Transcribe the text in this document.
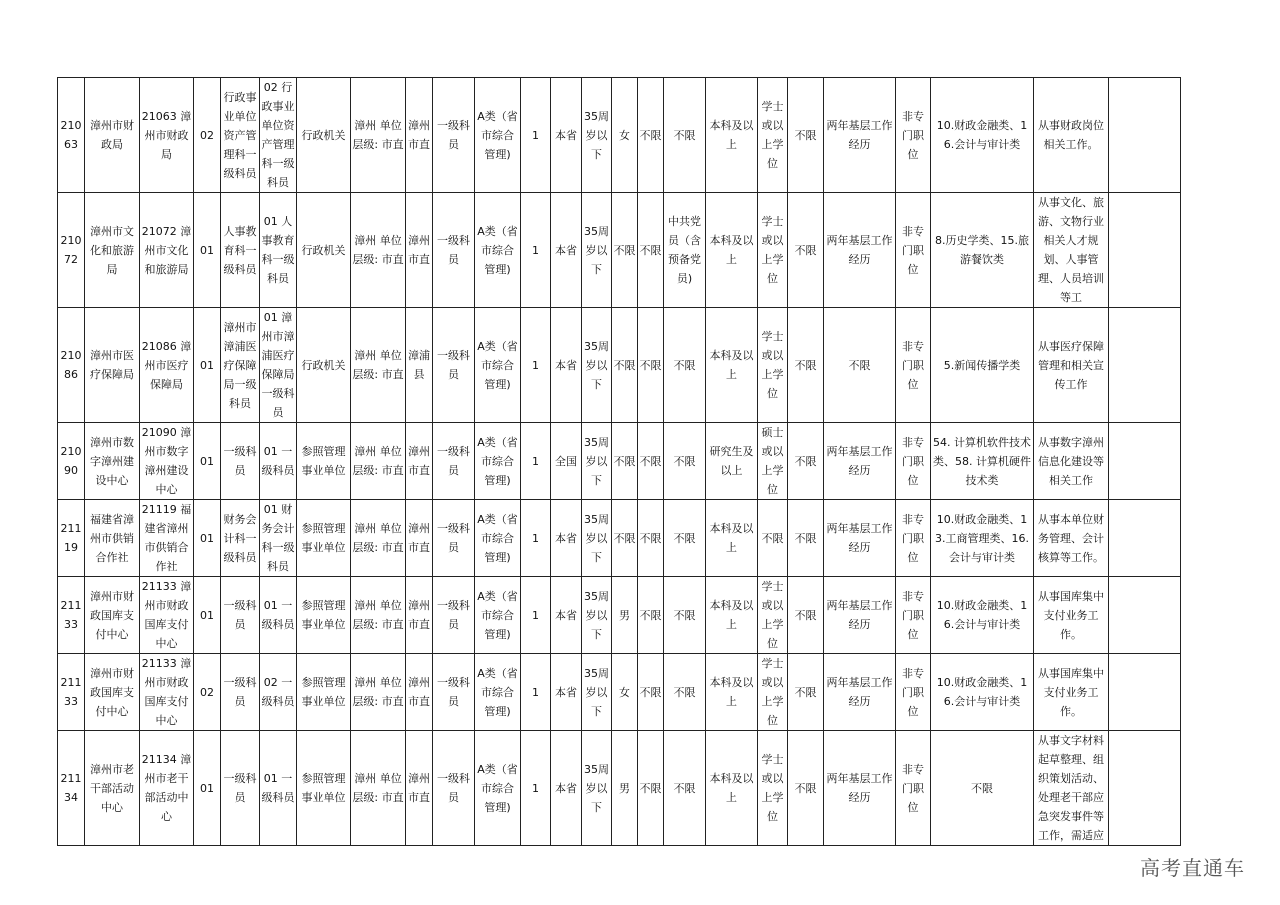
21063	漳州市财政局	21063 漳州市财政局	02	行政事业单位资产管理科一级科员	02 行政事业单位资产管理科一级科员	行政机关	漳州 单位层级: 市直	漳州市直	一级科员	A类（省市综合管理)	1	本省	35周岁以下	女	不限	不限	本科及以上	学士或以上学位	不限	两年基层工作经历	非专门职位	10.财政金融类、16.会计与审计类	从事财政岗位相关工作。	
21072	漳州市文化和旅游局	21072 漳州市文化和旅游局	01	人事教育科一级科员	01 人事教育科一级科员	行政机关	漳州 单位层级: 市直	漳州市直	一级科员	A类（省市综合管理)	1	本省	35周岁以下	不限	不限	中共党员（含预备党员)	本科及以上	学士或以上学位	不限	两年基层工作经历	非专门职位	8.历史学类、15.旅游餐饮类	从事文化、旅游、文物行业相关人才规划、人事管理、人员培训等工	
21086	漳州市医疗保障局	21086 漳州市医疗保障局	01	漳州市漳浦医疗保障局一级科员	01 漳州市漳浦医疗保障局一级科员	行政机关	漳州 单位层级: 市直	漳浦县	一级科员	A类（省市综合管理)	1	本省	35周岁以下	不限	不限	不限	本科及以上	学士或以上学位	不限	不限	非专门职位	5.新闻传播学类	从事医疗保障管理和相关宣传工作	
21090	漳州市数字漳州建设中心	21090 漳州市数字漳州建设中心	01	一级科员	01 一级科员	参照管理事业单位	漳州 单位层级: 市直	漳州市直	一级科员	A类（省市综合管理)	1	全国	35周岁以下	不限	不限	不限	研究生及以上	硕士或以上学位	不限	两年基层工作经历	非专门职位	54. 计算机软件技术类、58. 计算机硬件技术类	从事数字漳州信息化建设等相关工作	
21119	福建省漳州市供销合作社	21119 福建省漳州市供销合作社	01	财务会计科一级科员	01 财务会计科一级科员	参照管理事业单位	漳州 单位层级: 市直	漳州市直	一级科员	A类（省市综合管理)	1	本省	35周岁以下	不限	不限	不限	本科及以上	不限	不限	两年基层工作经历	非专门职位	10.财政金融类、13.工商管理类、16.会计与审计类	从事本单位财务管理、会计核算等工作。	
21133	漳州市财政国库支付中心	21133 漳州市财政国库支付中心	01	一级科员	01 一级科员	参照管理事业单位	漳州 单位层级: 市直	漳州市直	一级科员	A类（省市综合管理)	1	本省	35周岁以下	男	不限	不限	本科及以上	学士或以上学位	不限	两年基层工作经历	非专门职位	10.财政金融类、16.会计与审计类	从事国库集中支付业务工作。	
21133	漳州市财政国库支付中心	21133 漳州市财政国库支付中心	02	一级科员	02 一级科员	参照管理事业单位	漳州 单位层级: 市直	漳州市直	一级科员	A类（省市综合管理)	1	本省	35周岁以下	女	不限	不限	本科及以上	学士或以上学位	不限	两年基层工作经历	非专门职位	10.财政金融类、16.会计与审计类	从事国库集中支付业务工作。	
21134	漳州市老干部活动中心	21134 漳州市老干部活动中心	01	一级科员	01 一级科员	参照管理事业单位	漳州 单位层级: 市直	漳州市直	一级科员	A类（省市综合管理)	1	本省	35周岁以下	男	不限	不限	本科及以上	学士或以上学位	不限	两年基层工作经历	非专门职位	不限	从事文字材料起草整理、组织策划活动、处理老干部应急突发事件等工作，需适应	
高考直通车
